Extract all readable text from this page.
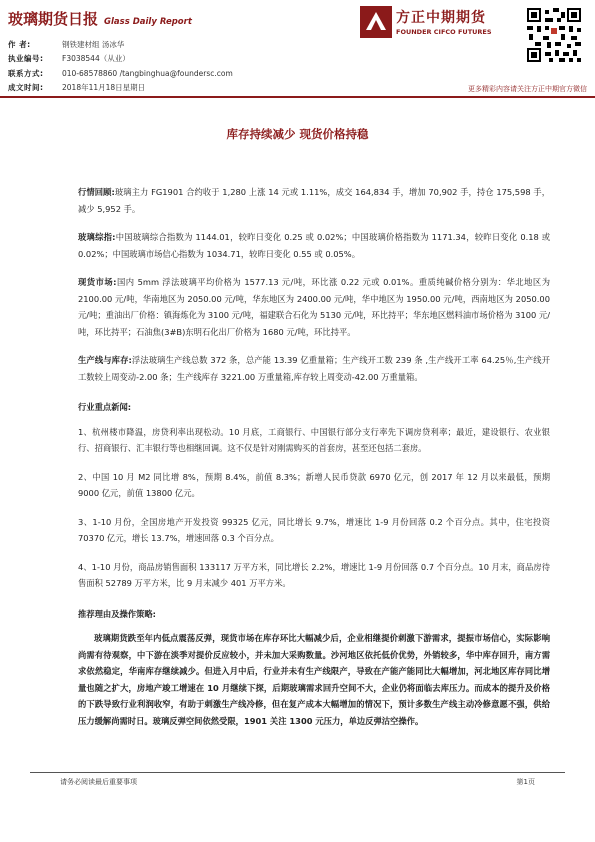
玻璃期货日报 Glass Daily Report
作 者:	钢铁建材组 汤冰华
执业编号:	F3038544（从业）
联系方式:	010-68578860 /tangbinghua@foundersc.com
成文时间:	2018年11月18日星期日
方正中期期货
FOUNDER CIFCO FUTURES
更多精彩内容请关注方正中期官方微信
库存持续减少 现货价格持稳

行情回顾:玻璃主力 FG1901 合约收于 1,280 上涨 14 元或 1.11%，成交 164,834 手，增加 70,902 手，持仓 175,598 手，减少 5,952 手。

玻璃综指:中国玻璃综合指数为 1144.01，较昨日变化 0.25 或 0.02%；中国玻璃价格指数为 1171.34，较昨日变化 0.18 或 0.02%；中国玻璃市场信心指数为 1034.71，较昨日变化 0.55 或 0.05%。

现货市场:国内 5mm 浮法玻璃平均价格为 1577.13 元/吨，环比涨 0.22 元或 0.01%。重质纯碱价格分别为：华北地区为 2100.00 元/吨，华南地区为 2050.00 元/吨，华东地区为 2400.00 元/吨，华中地区为 1950.00 元/吨，西南地区为 2050.00 元/吨；重油出厂价格：镇海炼化为 3100 元/吨，福建联合石化为 5130 元/吨，环比持平；华东地区燃料油市场价格为 3100 元/吨，环比持平；石油焦(3#B)东明石化出厂价格为 1680 元/吨，环比持平。

生产线与库存:浮法玻璃生产线总数 372 条，总产能 13.39 亿重量箱；生产线开工数 239 条 ,生产线开工率 64.25％,生产线开工数较上周变动-2.00 条；生产线库存 3221.00 万重量箱,库存较上周变动-42.00 万重量箱。

行业重点新闻:

1、杭州楼市降温，房贷利率出现松动。10 月底，工商银行、中国银行部分支行率先下调房贷利率；最近，建设银行、农业银行、招商银行、汇丰银行等也相继回调。这不仅是针对刚需购买的首套房，甚至还包括二套房。

2、中国 10 月 M2 同比增 8%，预期 8.4%，前值 8.3%；新增人民币贷款 6970 亿元，创 2017 年 12 月以来最低，预期 9000 亿元，前值 13800 亿元。

3、1-10 月份，全国房地产开发投资 99325 亿元，同比增长 9.7%，增速比 1-9 月份回落 0.2 个百分点。其中，住宅投资 70370 亿元，增长 13.7%，增速回落 0.3 个百分点。

4、1-10 月份，商品房销售面积 133117 万平方米，同比增长 2.2%，增速比 1-9 月份回落 0.7 个百分点。10 月末，商品房待售面积 52789 万平方米，比 9 月末减少 401 万平方米。

推荐理由及操作策略:

玻璃期货跌至年内低点震荡反弹，现货市场在库存环比大幅减少后，企业相继提价刺激下游需求，提振市场信心，实际影响尚需有待观察，中下游在淡季对提价反应较小，并未加大采购数量。沙河地区依托低价优势，外销较多，华中库存回升，南方需求依然稳定，华南库存继续减少。但进入月中后，行业并未有生产线限产，导致在产能产能同比大幅增加，河北地区库存同比增量也随之扩大，房地产竣工增速在 10 月继续下探，后期玻璃需求回升空间不大，企业仍将面临去库压力。而成本的提升及价格的下跌导致行业利润收窄，有助于刺激生产线冷修，但在复产成本大幅增加的情况下，预计多数生产线主动冷修意愿不强，供给压力缓解尚需时日。玻璃反弹空间依然受限，1901 关注 1300 元压力，单边反弹沽空操作。

请务必阅读最后重要事项	第1页
